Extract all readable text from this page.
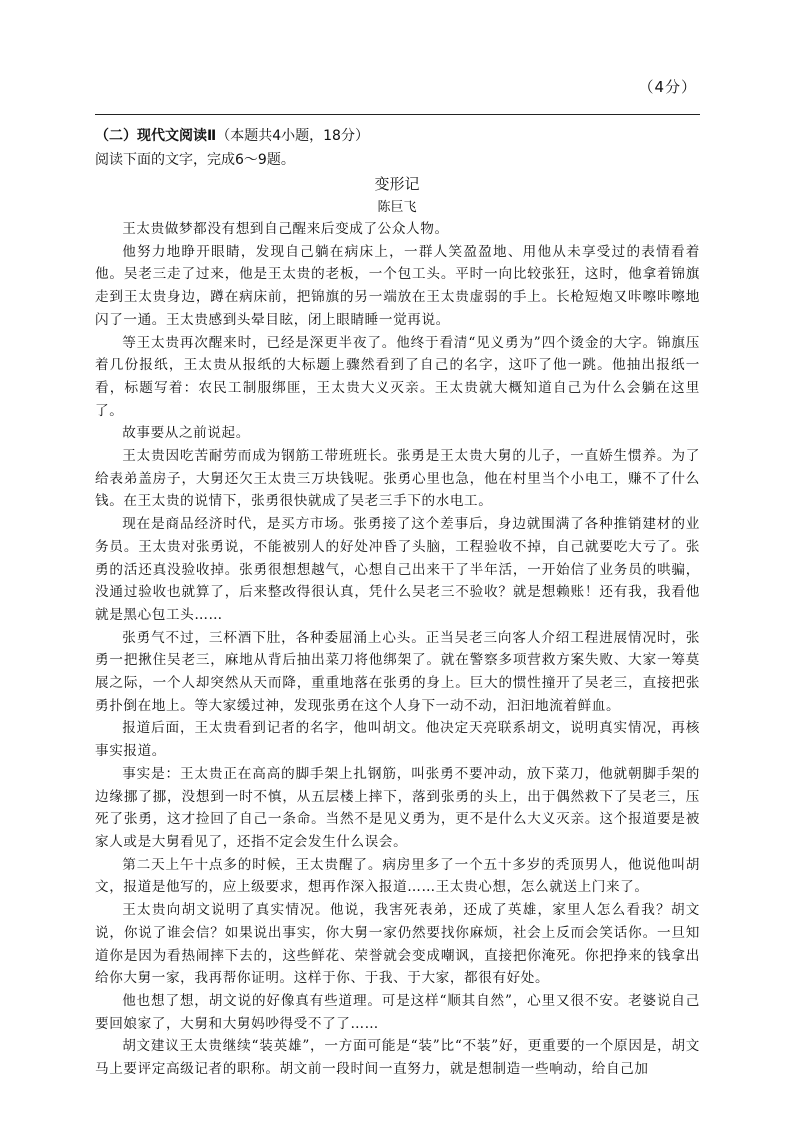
（4分）
（二）现代文阅读Ⅱ（本题共4小题，18分）
阅读下面的文字，完成6～9题。
变形记
陈巨飞

王太贵做梦都没有想到自己醒来后变成了公众人物。

他努力地睁开眼睛，发现自己躺在病床上，一群人笑盈盈地、用他从未享受过的表情看着他。吴老三走了过来，他是王太贵的老板，一个包工头。平时一向比较张狂，这时，他拿着锦旗走到王太贵身边，蹲在病床前，把锦旗的另一端放在王太贵虚弱的手上。长枪短炮又咔嚓咔嚓地闪了一通。王太贵感到头晕目眩，闭上眼睛睡一觉再说。

等王太贵再次醒来时，已经是深更半夜了。他终于看清“见义勇为”四个烫金的大字。锦旗压着几份报纸，王太贵从报纸的大标题上骤然看到了自己的名字，这吓了他一跳。他抽出报纸一看，标题写着：农民工制服绑匪，王太贵大义灭亲。王太贵就大概知道自己为什么会躺在这里了。

故事要从之前说起。

王太贵因吃苦耐劳而成为钢筋工带班班长。张勇是王太贵大舅的儿子，一直娇生惯养。为了给表弟盖房子，大舅还欠王太贵三万块钱呢。张勇心里也急，他在村里当个小电工，赚不了什么钱。在王太贵的说情下，张勇很快就成了吴老三手下的水电工。

现在是商品经济时代，是买方市场。张勇接了这个差事后，身边就围满了各种推销建材的业务员。王太贵对张勇说，不能被别人的好处冲昏了头脑，工程验收不掉，自己就要吃大亏了。张勇的活还真没验收掉。张勇很想想越气，心想自己出来干了半年活，一开始信了业务员的哄骗，没通过验收也就算了，后来整改得很认真，凭什么吴老三不验收？就是想赖账！还有我，我看他就是黑心包工头……

张勇气不过，三杯酒下肚，各种委屈涌上心头。正当吴老三向客人介绍工程进展情况时，张勇一把揪住吴老三，麻地从背后抽出菜刀将他绑架了。就在警察多项营救方案失败、大家一筹莫展之际，一个人却突然从天而降，重重地落在张勇的身上。巨大的惯性撞开了吴老三，直接把张勇扑倒在地上。等大家缓过神，发现张勇在这个人身下一动不动，汩汩地流着鲜血。

报道后面，王太贵看到记者的名字，他叫胡文。他决定天亮联系胡文，说明真实情况，再核事实报道。

事实是：王太贵正在高高的脚手架上扎钢筋，叫张勇不要冲动，放下菜刀，他就朝脚手架的边缘挪了挪，没想到一时不慎，从五层楼上摔下，落到张勇的头上，出于偶然救下了吴老三，压死了张勇，这才捡回了自己一条命。当然不是见义勇为，更不是什么大义灭亲。这个报道要是被家人或是大舅看见了，还指不定会发生什么误会。

第二天上午十点多的时候，王太贵醒了。病房里多了一个五十多岁的秃顶男人，他说他叫胡文，报道是他写的，应上级要求，想再作深入报道……王太贵心想，怎么就送上门来了。

王太贵向胡文说明了真实情况。他说，我害死表弟，还成了英雄，家里人怎么看我？胡文说，你说了谁会信？如果说出事实，你大舅一家仍然要找你麻烦，社会上反而会笑话你。一旦知道你是因为看热闹摔下去的，这些鲜花、荣誉就会变成嘲讽，直接把你淹死。你把挣来的钱拿出给你大舅一家，我再帮你证明。这样于你、于我、于大家，都很有好处。

他也想了想，胡文说的好像真有些道理。可是这样“顺其自然”，心里又很不安。老婆说自己要回娘家了，大舅和大舅妈吵得受不了了……

胡文建议王太贵继续“装英雄”，一方面可能是“装”比“不装”好，更重要的一个原因是，胡文马上要评定高级记者的职称。胡文前一段时间一直努力，就是想制造一些响动，给自己加
